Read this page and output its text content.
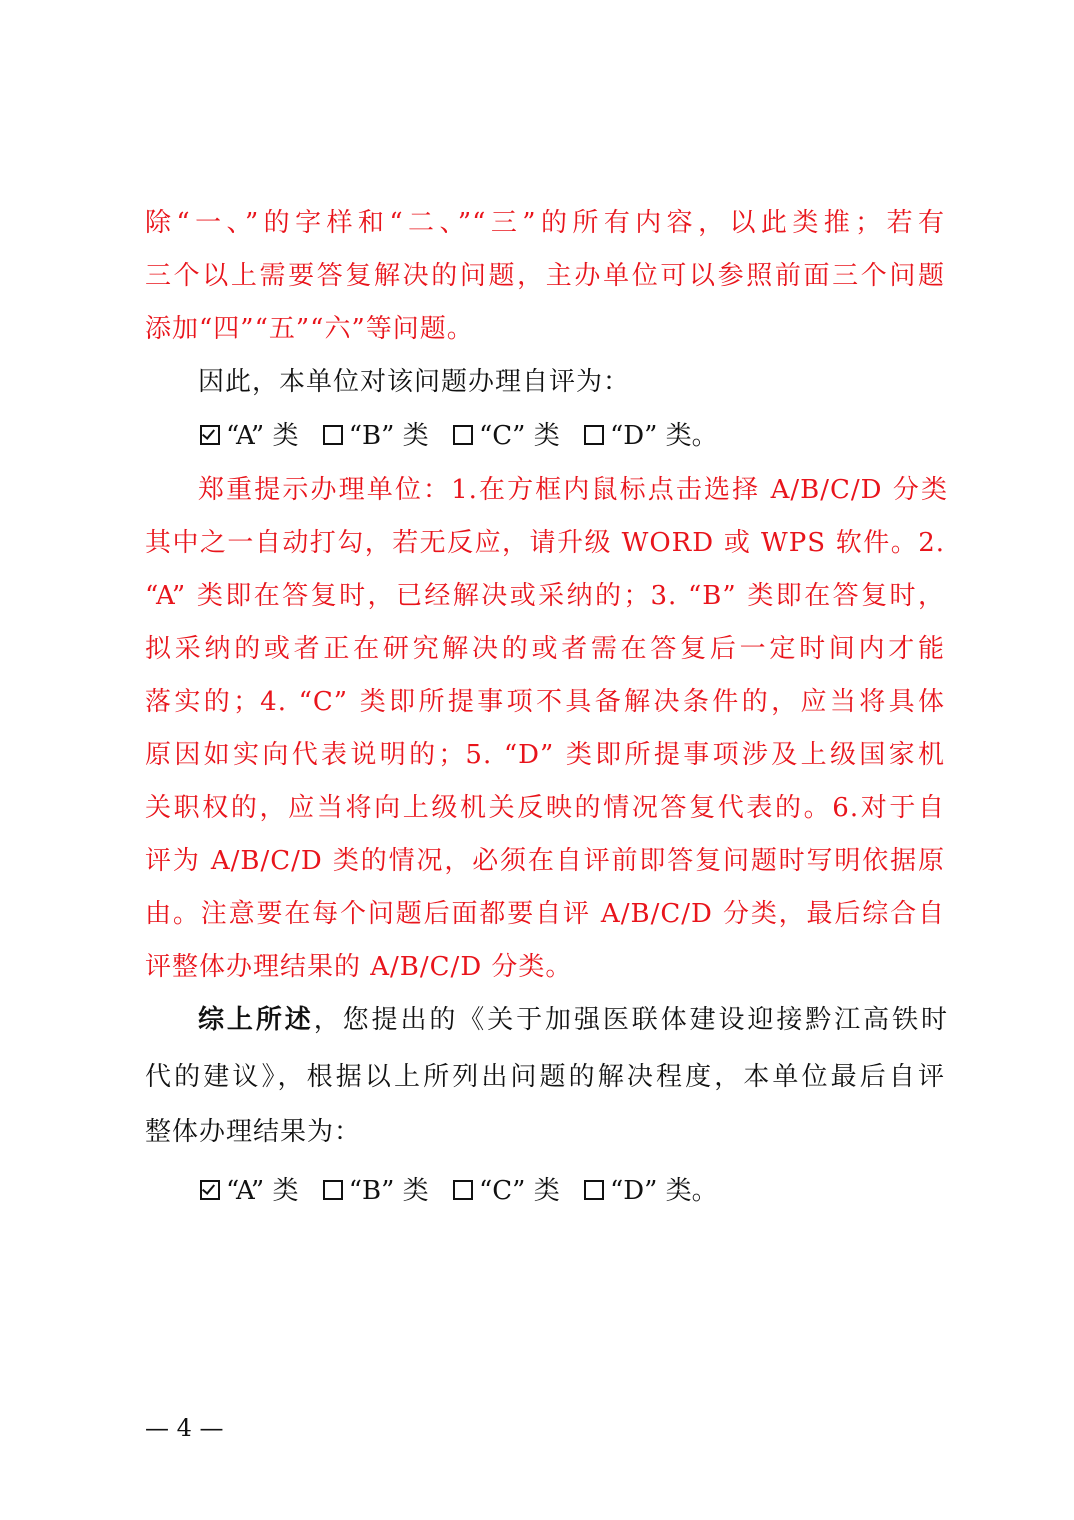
除“一、”的字样和“二、”“三”的所有内容，以此类推；若有
三个以上需要答复解决的问题，主办单位可以参照前面三个问题
添加“四”“五”“六”等问题。
因此，本单位对该问题办理自评为：
“A” 类 “B” 类 “C” 类 “D” 类。
郑重提示办理单位：1.在方框内鼠标点击选择 A/B/C/D 分类
其中之一自动打勾，若无反应，请升级 WORD 或 WPS 软件。2.
“A” 类即在答复时，已经解决或采纳的；3. “B” 类即在答复时，
拟采纳的或者正在研究解决的或者需在答复后一定时间内才能
落实的；4. “C” 类即所提事项不具备解决条件的，应当将具体
原因如实向代表说明的；5. “D” 类即所提事项涉及上级国家机
关职权的，应当将向上级机关反映的情况答复代表的。6.对于自
评为 A/B/C/D 类的情况，必须在自评前即答复问题时写明依据原
由。注意要在每个问题后面都要自评 A/B/C/D 分类，最后综合自
评整体办理结果的 A/B/C/D 分类。
综上所述，您提出的《关于加强医联体建设迎接黔江高铁时
代的建议》，根据以上所列出问题的解决程度，本单位最后自评
整体办理结果为：
“A” 类 “B” 类 “C” 类 “D” 类。
— 4 —
